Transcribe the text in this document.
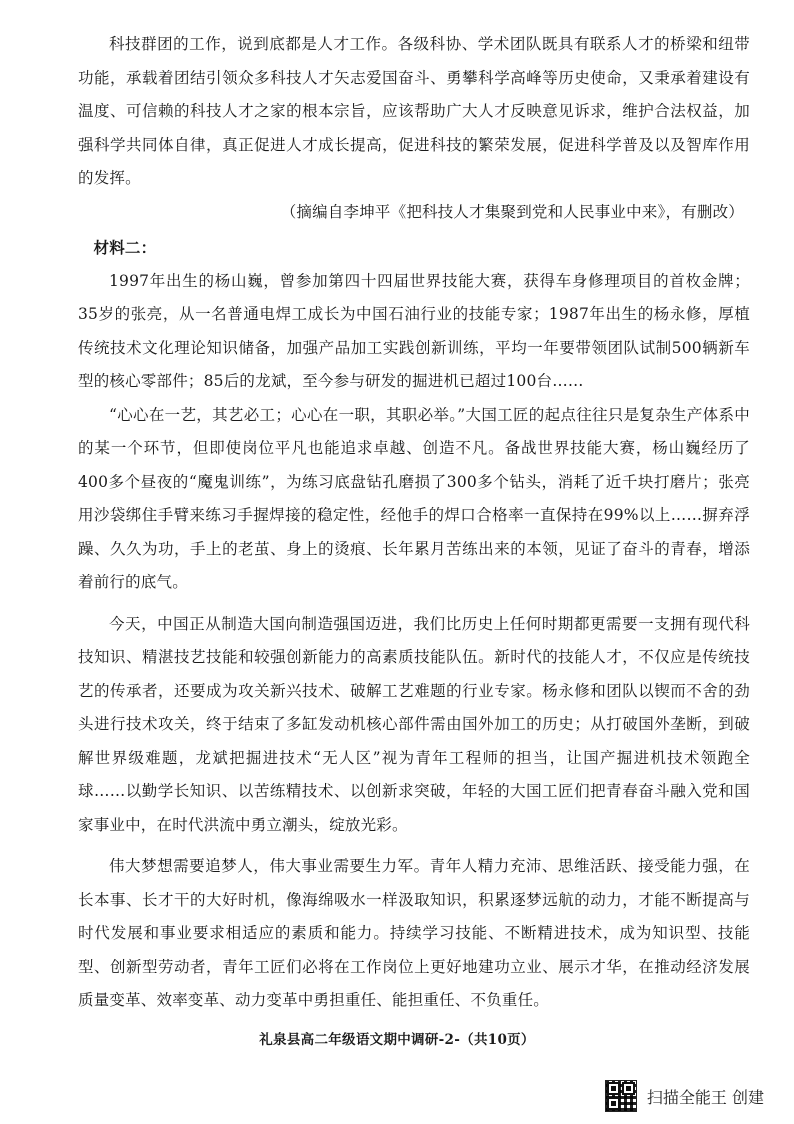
科技群团的工作，说到底都是人才工作。各级科协、学术团队既具有联系人才的桥梁和纽带功能，承载着团结引领众多科技人才矢志爱国奋斗、勇攀科学高峰等历史使命，又秉承着建设有温度、可信赖的科技人才之家的根本宗旨，应该帮助广大人才反映意见诉求，维护合法权益，加强科学共同体自律，真正促进人才成长提高，促进科技的繁荣发展，促进科学普及以及智库作用的发挥。

（摘编自李坤平《把科技人才集聚到党和人民事业中来》，有删改）

材料二：

1997年出生的杨山巍，曾参加第四十四届世界技能大赛，获得车身修理项目的首枚金牌；35岁的张亮，从一名普通电焊工成长为中国石油行业的技能专家；1987年出生的杨永修，厚植传统技术文化理论知识储备，加强产品加工实践创新训练，平均一年要带领团队试制500辆新车型的核心零部件；85后的龙斌，至今参与研发的掘进机已超过100台……

“心心在一艺，其艺必工；心心在一职，其职必举。”大国工匠的起点往往只是复杂生产体系中的某一个环节，但即使岗位平凡也能追求卓越、创造不凡。备战世界技能大赛，杨山巍经历了400多个昼夜的“魔鬼训练”，为练习底盘钻孔磨损了300多个钻头，消耗了近千块打磨片；张亮用沙袋绑住手臂来练习手握焊接的稳定性，经他手的焊口合格率一直保持在99%以上……摒弃浮躁、久久为功，手上的老茧、身上的烫痕、长年累月苦练出来的本领，见证了奋斗的青春，增添着前行的底气。

今天，中国正从制造大国向制造强国迈进，我们比历史上任何时期都更需要一支拥有现代科技知识、精湛技艺技能和较强创新能力的高素质技能队伍。新时代的技能人才，不仅应是传统技艺的传承者，还要成为攻关新兴技术、破解工艺难题的行业专家。杨永修和团队以锲而不舍的劲头进行技术攻关，终于结束了多缸发动机核心部件需由国外加工的历史；从打破国外垄断，到破解世界级难题，龙斌把掘进技术“无人区”视为青年工程师的担当，让国产掘进机技术领跑全球……以勤学长知识、以苦练精技术、以创新求突破，年轻的大国工匠们把青春奋斗融入党和国家事业中，在时代洪流中勇立潮头，绽放光彩。

伟大梦想需要追梦人，伟大事业需要生力军。青年人精力充沛、思维活跃、接受能力强，在长本事、长才干的大好时机，像海绵吸水一样汲取知识，积累逐梦远航的动力，才能不断提高与时代发展和事业要求相适应的素质和能力。持续学习技能、不断精进技术，成为知识型、技能型、创新型劳动者，青年工匠们必将在工作岗位上更好地建功立业、展示才华，在推动经济发展质量变革、效率变革、动力变革中勇担重任、能担重任、不负重任。

礼泉县高二年级语文期中调研-2-（共10页）
扫描全能王 创建
